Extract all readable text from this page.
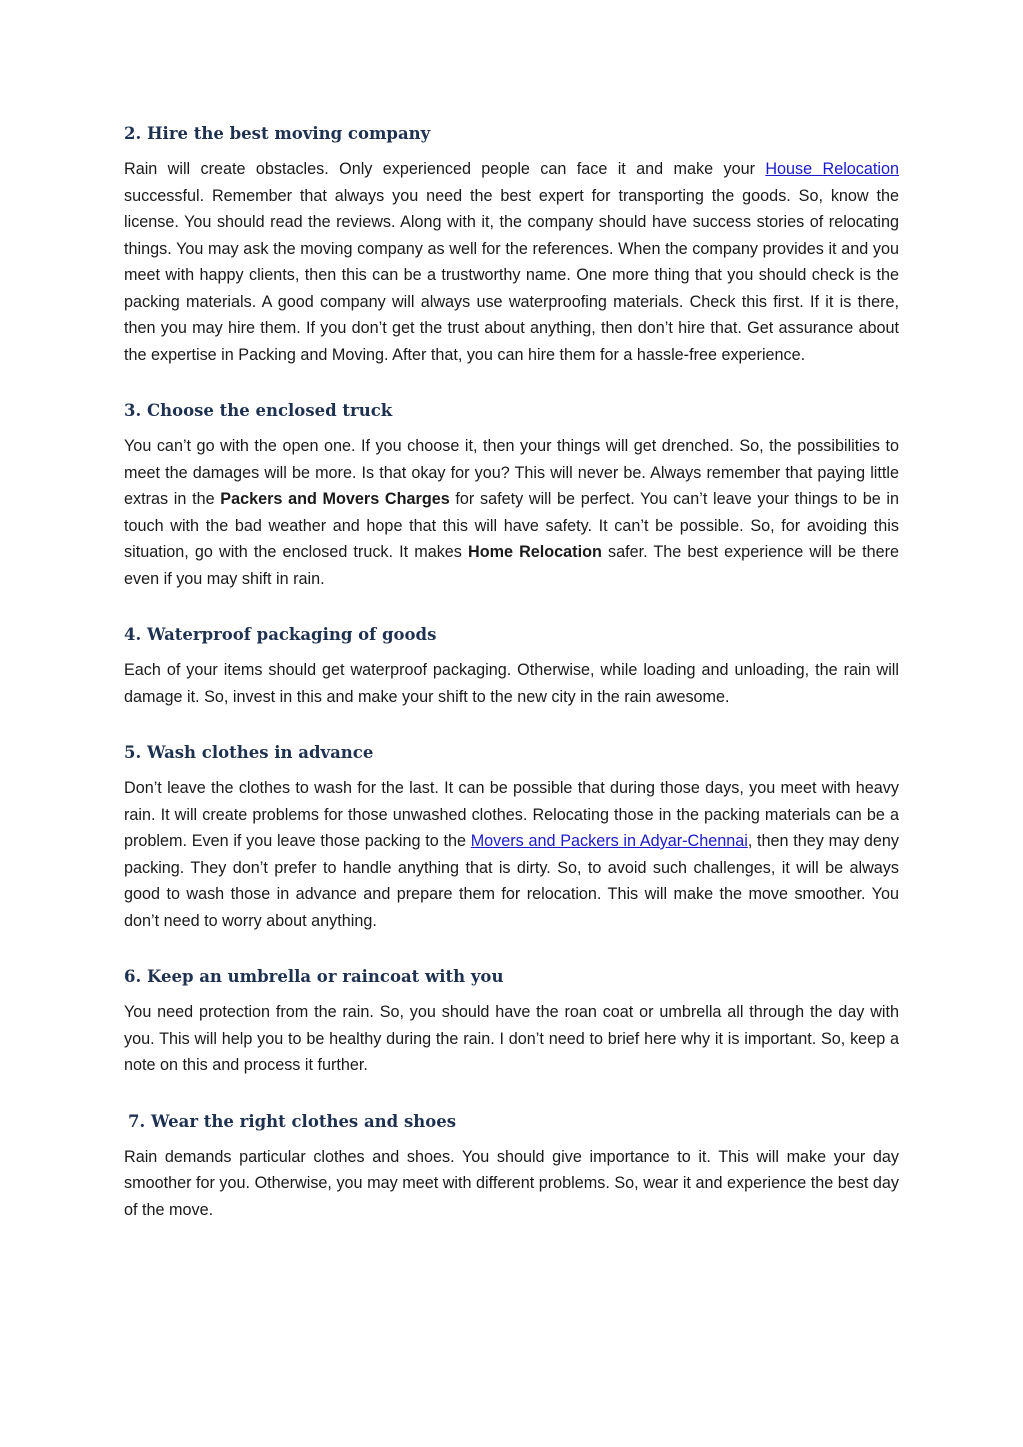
2. Hire the best moving company

Rain will create obstacles. Only experienced people can face it and make your House Relocation successful. Remember that always you need the best expert for transporting the goods. So, know the license. You should read the reviews. Along with it, the company should have success stories of relocating things. You may ask the moving company as well for the references. When the company provides it and you meet with happy clients, then this can be a trustworthy name. One more thing that you should check is the packing materials. A good company will always use waterproofing materials. Check this first. If it is there, then you may hire them. If you don’t get the trust about anything, then don’t hire that. Get assurance about the expertise in Packing and Moving. After that, you can hire them for a hassle-free experience.

3. Choose the enclosed truck

You can’t go with the open one. If you choose it, then your things will get drenched. So, the possibilities to meet the damages will be more. Is that okay for you? This will never be. Always remember that paying little extras in the Packers and Movers Charges for safety will be perfect. You can’t leave your things to be in touch with the bad weather and hope that this will have safety. It can’t be possible. So, for avoiding this situation, go with the enclosed truck. It makes Home Relocation safer. The best experience will be there even if you may shift in rain.

4. Waterproof packaging of goods

Each of your items should get waterproof packaging. Otherwise, while loading and unloading, the rain will damage it. So, invest in this and make your shift to the new city in the rain awesome.

5. Wash clothes in advance

Don’t leave the clothes to wash for the last. It can be possible that during those days, you meet with heavy rain. It will create problems for those unwashed clothes. Relocating those in the packing materials can be a problem. Even if you leave those packing to the Movers and Packers in Adyar-Chennai, then they may deny packing. They don’t prefer to handle anything that is dirty. So, to avoid such challenges, it will be always good to wash those in advance and prepare them for relocation. This will make the move smoother. You don’t need to worry about anything.

6. Keep an umbrella or raincoat with you

You need protection from the rain. So, you should have the roan coat or umbrella all through the day with you. This will help you to be healthy during the rain. I don’t need to brief here why it is important. So, keep a note on this and process it further.

7. Wear the right clothes and shoes

Rain demands particular clothes and shoes. You should give importance to it. This will make your day smoother for you. Otherwise, you may meet with different problems. So, wear it and experience the best day of the move.
